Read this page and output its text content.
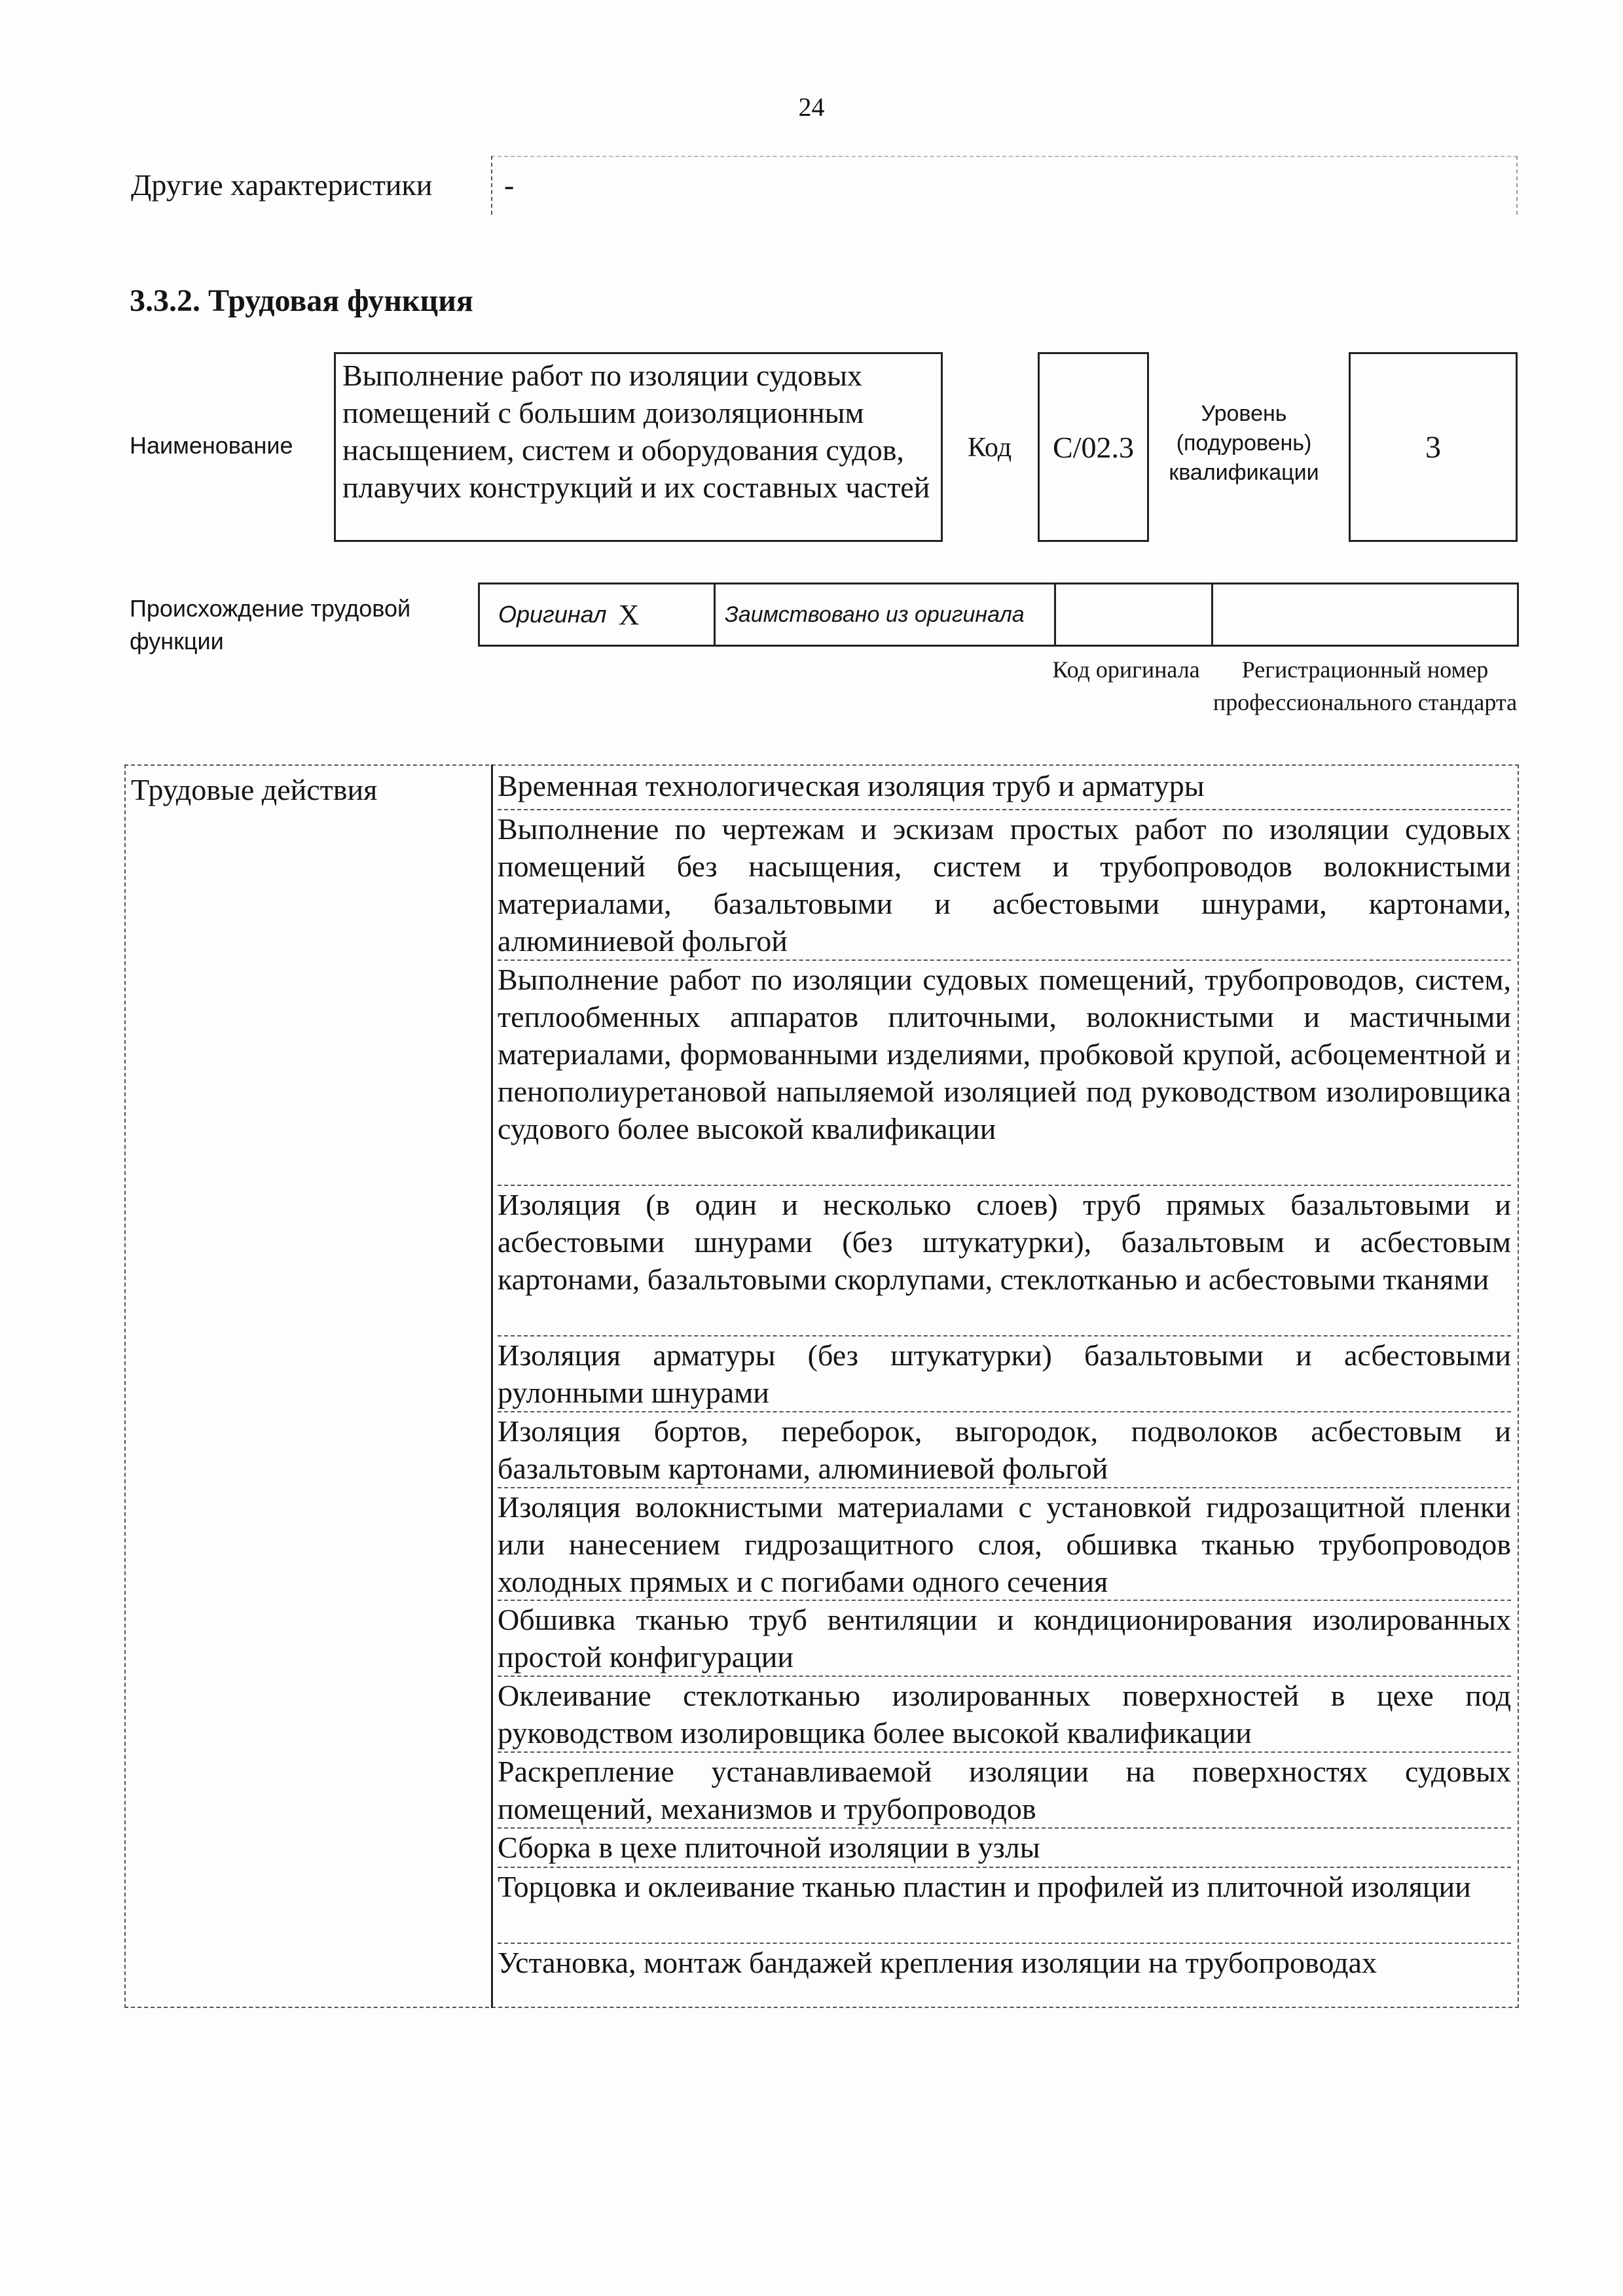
24
Другие характеристики -
3.3.2. Трудовая функция
Наименование
Выполнение работ по изоляции судовых помещений с большим доизоляционным насыщением, систем и оборудования судов, плавучих конструкций и их составных частей
Код С/02.3
Уровень (подуровень) квалификации
3
Происхождение трудовой функции
Оригинал X	Заимствовано из оригинала
Код оригинала	Регистрационный номер профессионального стандарта
Трудовые действия	Временная технологическая изоляция труб и арматуры
Выполнение по чертежам и эскизам простых работ по изоляции судовых помещений без насыщения, систем и трубопроводов волокнистыми материалами, базальтовыми и асбестовыми шнурами, картонами, алюминиевой фольгой
Выполнение работ по изоляции судовых помещений, трубопроводов, систем, теплообменных аппаратов плиточными, волокнистыми и мастичными материалами, формованными изделиями, пробковой крупой, асбоцементной и пенополиуретановой напыляемой изоляцией под руководством изолировщика судового более высокой квалификации
Изоляция (в один и несколько слоев) труб прямых базальтовыми и асбестовыми шнурами (без штукатурки), базальтовым и асбестовым картонами, базальтовыми скорлупами, стеклотканью и асбестовыми тканями
Изоляция арматуры (без штукатурки) базальтовыми и асбестовыми рулонными шнурами
Изоляция бортов, переборок, выгородок, подволоков асбестовым и базальтовым картонами, алюминиевой фольгой
Изоляция волокнистыми материалами с установкой гидрозащитной пленки или нанесением гидрозащитного слоя, обшивка тканью трубопроводов холодных прямых и с погибами одного сечения
Обшивка тканью труб вентиляции и кондиционирования изолированных простой конфигурации
Оклеивание стеклотканью изолированных поверхностей в цехе под руководством изолировщика более высокой квалификации
Раскрепление устанавливаемой изоляции на поверхностях судовых помещений, механизмов и трубопроводов
Сборка в цехе плиточной изоляции в узлы
Торцовка и оклеивание тканью пластин и профилей из плиточной изоляции
Установка, монтаж бандажей крепления изоляции на трубопроводах
